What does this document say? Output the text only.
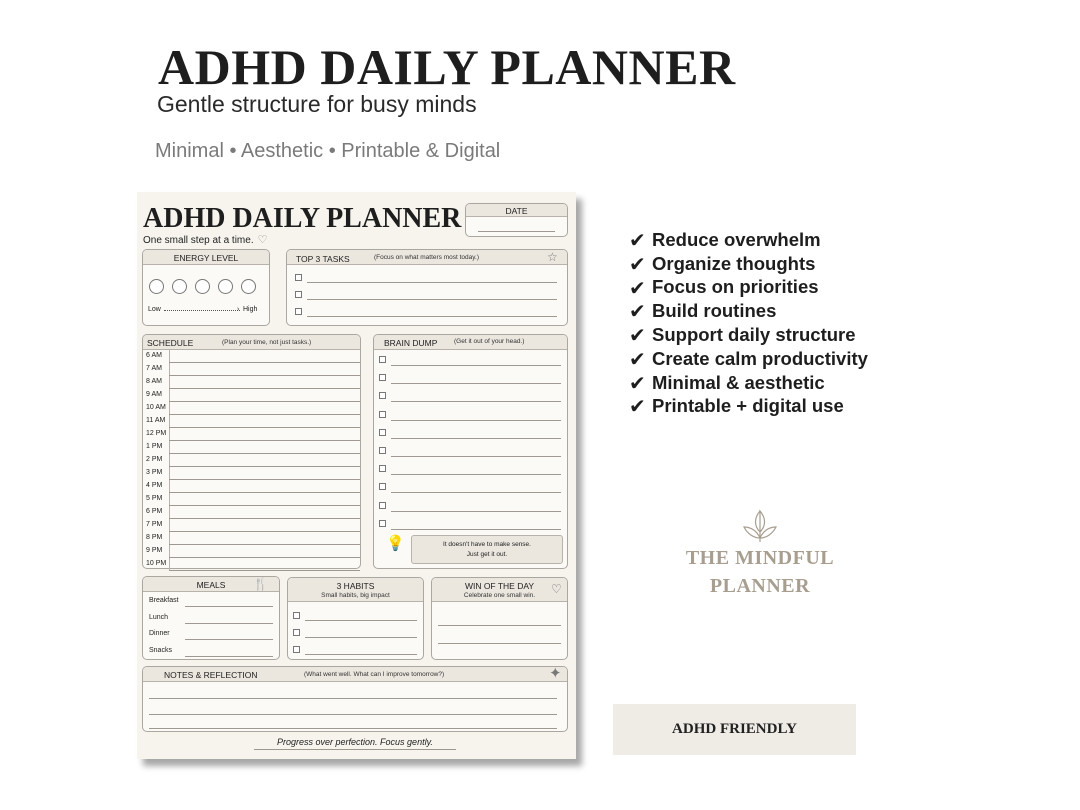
ADHD DAILY PLANNER
Gentle structure for busy minds
Minimal • Aesthetic • Printable & Digital
ADHD DAILY PLANNER
One small step at a time. ♡
DATE
ENERGY LEVEL
Low	› High
TOP 3 TASKS	(Focus on what matters most today.)	☆
SCHEDULE	(Plan your time, not just tasks.)
6 AM
7 AM
8 AM
9 AM
10 AM
11 AM
12 PM
1 PM
2 PM
3 PM
4 PM
5 PM
6 PM
7 PM
8 PM
9 PM
10 PM
BRAIN DUMP	(Get it out of your head.)
💡	It doesn't have to make sense.
Just get it out.
MEALS	🍴
Breakfast
Lunch
Dinner
Snacks
3 HABITS
Small habits, big impact
WIN OF THE DAY
Celebrate one small win.	♡
NOTES & REFLECTION	(What went well. What can I improve tomorrow?)	✦
Progress over perfection. Focus gently.
✔ Reduce overwhelm
✔ Organize thoughts
✔ Focus on priorities
✔ Build routines
✔ Support daily structure
✔ Create calm productivity
✔ Minimal & aesthetic
✔ Printable + digital use
THE MINDFUL
PLANNER
ADHD FRIENDLY
